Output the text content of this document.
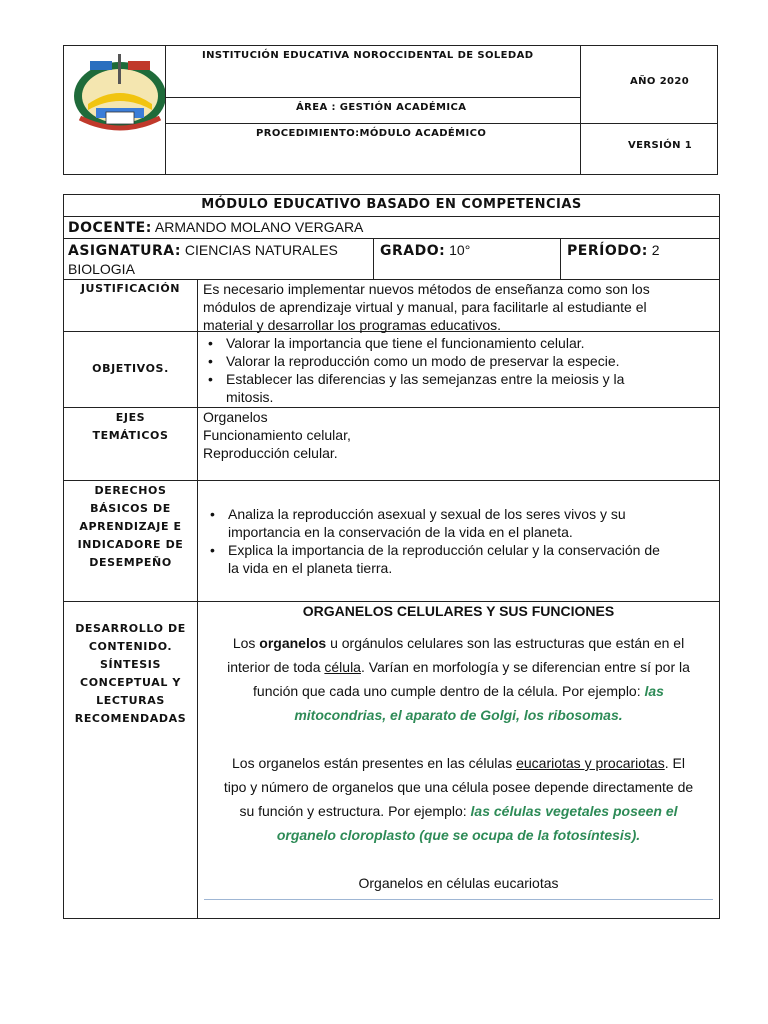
INSTITUCIÓN EDUCATIVA NOROCCIDENTAL DE SOLEDAD
ÁREA : GESTIÓN ACADÉMICA
PROCEDIMIENTO:MÓDULO ACADÉMICO
AÑO 2020
VERSIÓN 1
MÓDULO EDUCATIVO BASADO EN COMPETENCIAS
DOCENTE: ARMANDO MOLANO VERGARA
ASIGNATURA: CIENCIAS NATURALES
BIOLOGIA
GRADO: 10°	PERÍODO: 2
JUSTIFICACIÓN	Es necesario implementar nuevos métodos de enseñanza como son los
módulos de aprendizaje virtual y manual, para facilitarle al estudiante el
material y desarrollar los programas educativos.
OBJETIVOS.
• Valorar la importancia que tiene el funcionamiento celular.
• Valorar la reproducción como un modo de preservar la especie.
• Establecer las diferencias y las semejanzas entre la meiosis y la
mitosis.
EJES
TEMÁTICOS
Organelos
Funcionamiento celular,
Reproducción celular.
DERECHOS
BÁSICOS DE
APRENDIZAJE E
INDICADORE DE
DESEMPEÑO
• Analiza la reproducción asexual y sexual de los seres vivos y su
importancia en la conservación de la vida en el planeta.
• Explica la importancia de la reproducción celular y la conservación de
la vida en el planeta tierra.
DESARROLLO DE
CONTENIDO.
SÍNTESIS
CONCEPTUAL Y
LECTURAS
RECOMENDADAS

ORGANELOS CELULARES Y SUS FUNCIONES

Los organelos u orgánulos celulares son las estructuras que están en el
interior de toda célula. Varían en morfología y se diferencian entre sí por la
función que cada uno cumple dentro de la célula. Por ejemplo: las
mitocondrias, el aparato de Golgi, los ribosomas.

Los organelos están presentes en las células eucariotas y procariotas. El
tipo y número de organelos que una célula posee depende directamente de
su función y estructura. Por ejemplo: las células vegetales poseen el
organelo cloroplasto (que se ocupa de la fotosíntesis).

Organelos en células eucariotas
